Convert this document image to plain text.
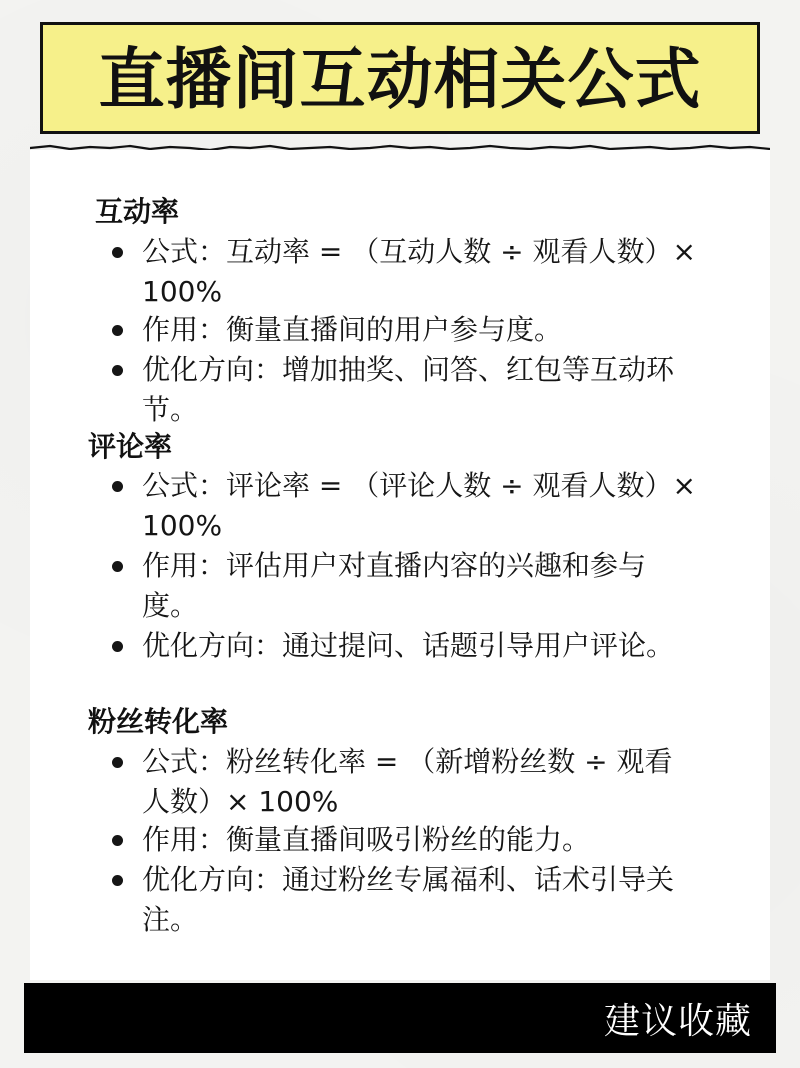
直播间互动相关公式
互动率
公式：互动率 = （互动人数 ÷ 观看人数）× 100%
作用：衡量直播间的用户参与度。
优化方向：增加抽奖、问答、红包等互动环节。
评论率
公式：评论率 = （评论人数 ÷ 观看人数）× 100%
作用：评估用户对直播内容的兴趣和参与度。
优化方向：通过提问、话题引导用户评论。
粉丝转化率
公式：粉丝转化率 = （新增粉丝数 ÷ 观看人数）× 100%
作用：衡量直播间吸引粉丝的能力。
优化方向：通过粉丝专属福利、话术引导关注。
建议收藏
